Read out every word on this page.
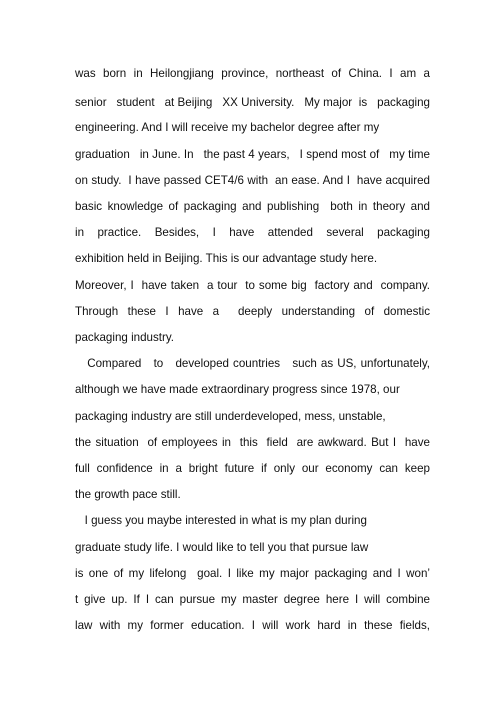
was born in Heilongjiang province, northeast of China. I am a
senior   student   at Beijing   XX University.   My major  is   packaging
engineering. And I will receive my bachelor degree after my
graduation   in June. In   the past 4 years,   I spend most of   my time
on study.  I have passed CET4/6 with  an ease. And I  have acquired
basic knowledge of packaging and publishing  both in theory and
in practice. Besides, I have attended several packaging
exhibition held in Beijing. This is our advantage study here.
Moreover, I  have taken  a tour  to some big  factory and  company.
Through these I have a  deeply understanding of domestic
packaging industry.
Compared   to   developed countries   such as US, unfortunately,
although we have made extraordinary progress since 1978, our
packaging industry are still underdeveloped, mess, unstable,
the situation  of employees in  this  field  are awkward. But I  have
full confidence in a bright future if only our economy can keep
the growth pace still.
I guess you maybe interested in what is my plan during
graduate study life. I would like to tell you that pursue law
is one of my lifelong  goal. I like my major packaging and I won’
t give up. If I can pursue my master degree here I will combine
law with my former education. I will work hard in these fields,
